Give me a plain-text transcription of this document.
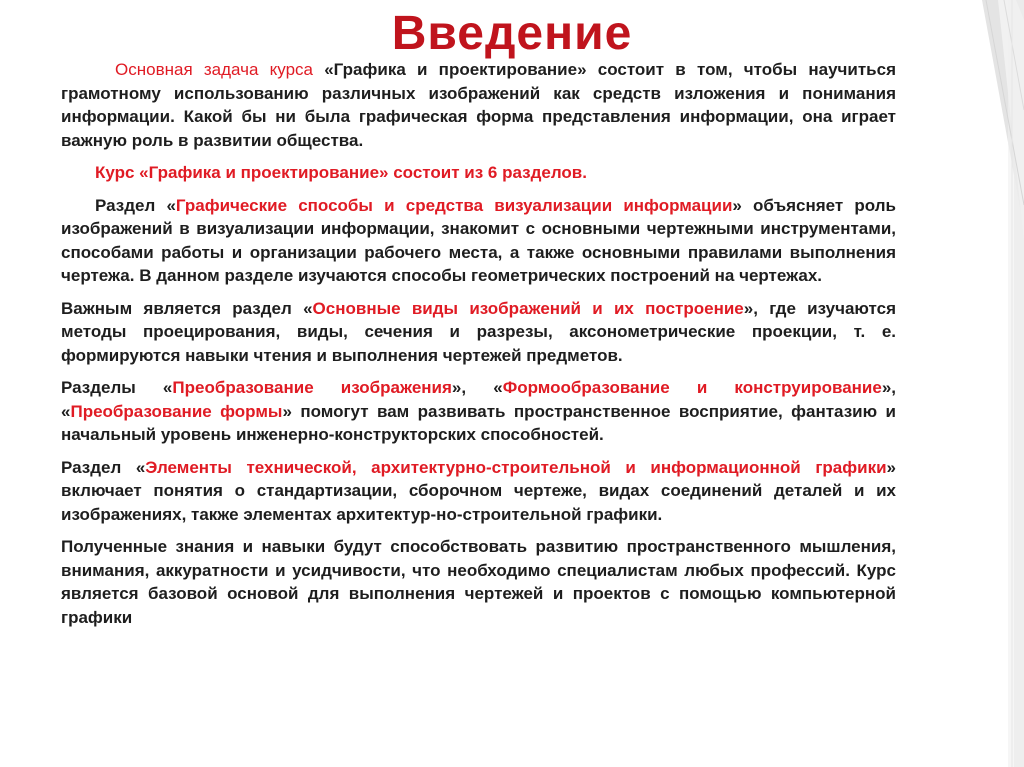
Введение

Основная задача курса «Графика и проектирование» состоит в том, чтобы научиться грамотному использованию различных изображений как средств изложения и понимания информации. Какой бы ни была графическая форма представления информации, она играет важную роль в развитии общества.

Курс «Графика и проектирование» состоит из 6 разделов.

Раздел «Графические способы и средства визуализации информации» объясняет роль изображений в визуализации информации, знакомит с основными чертежными инструментами, способами работы и организации рабочего места, а также основными правилами выполнения чертежа. В данном разделе изучаются способы геометрических построений на чертежах.

Важным является раздел «Основные виды изображений и их построение», где изучаются методы проецирования, виды, сечения и разрезы, аксонометрические проекции, т. е. формируются навыки чтения и выполнения чертежей предметов.

Разделы «Преобразование изображения», «Формообразование и конструирование», «Преобразование формы» помогут вам развивать пространственное восприятие, фантазию и начальный уровень инженерно-конструкторских способностей.

Раздел «Элементы технической, архитектурно-строительной и информационной графики» включает понятия о стандартизации, сборочном чертеже, видах соединений деталей и их изображениях, также элементах архитектур-но-строительной графики.

Полученные знания и навыки будут способствовать развитию пространственного мышления, внимания, аккуратности и усидчивости, что необходимо специалистам любых профессий. Курс является базовой основой для выполнения чертежей и проектов с помощью компьютерной графики
